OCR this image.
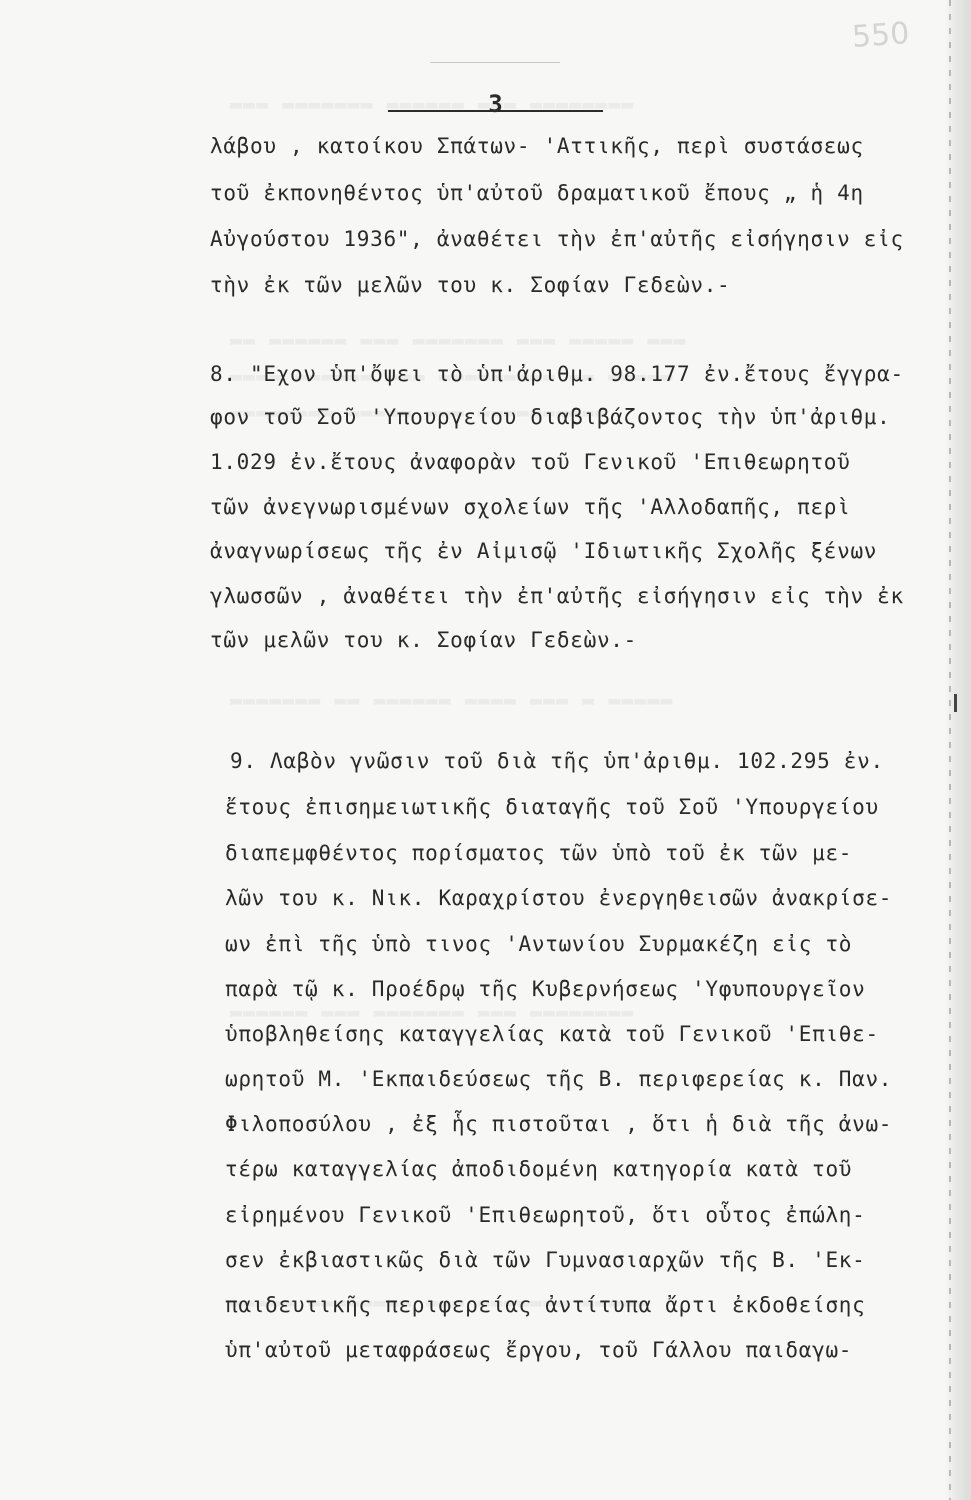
550
3
λάβου , κατοίκου Σπάτων- 'Αττικῆς, περὶ συστάσεως
τοῦ ἐκπονηθέντος ὑπ'αὐτοῦ δραματικοῦ ἔπους „ ἡ 4η
Αὐγούστου 1936", ἀναθέτει τὴν ἐπ'αὐτῆς εἰσήγησιν εἰς
τὴν ἐκ τῶν μελῶν του κ. Σοφίαν Γεδεὼν.-
8. "Εχον ὑπ'ὄψει τὸ ὑπ'ἀριθμ. 98.177 ἐν.ἔτους ἔγγρα-
φον τοῦ Σοῦ 'Υπουργείου διαβιβάζοντος τὴν ὑπ'ἀριθμ.
1.029 ἐν.ἔτους ἀναφορὰν τοῦ Γενικοῦ 'Επιθεωρητοῦ
τῶν ἀνεγνωρισμένων σχολείων τῆς 'Αλλοδαπῆς, περὶ
ἀναγνωρίσεως τῆς ἐν Αἰμισῷ 'Ιδιωτικῆς Σχολῆς ξένων
γλωσσῶν , ἀναθέτει τὴν ἐπ'αὐτῆς εἰσήγησιν εἰς τὴν ἐκ
τῶν μελῶν του κ. Σοφίαν Γεδεὼν.-
9. Λαβὸν γνῶσιν τοῦ διὰ τῆς ὑπ'ἀριθμ. 102.295 ἐν.
ἔτους ἐπισημειωτικῆς διαταγῆς τοῦ Σοῦ 'Υπουργείου
διαπεμφθέντος πορίσματος τῶν ὑπὸ τοῦ ἐκ τῶν με-
λῶν του κ. Νικ. Καραχρίστου ἐνεργηθεισῶν ἀνακρίσε-
ων ἐπὶ τῆς ὑπὸ τινος 'Αντωνίου Συρμακέζη εἰς τὸ
παρὰ τῷ κ. Προέδρῳ τῆς Κυβερνήσεως 'Υφυπουργεῖον
ὑποβληθείσης καταγγελίας κατὰ τοῦ Γενικοῦ 'Επιθε-
ωρητοῦ Μ. 'Εκπαιδεύσεως τῆς Β. περιφερείας κ. Παν.
Φιλοποσύλου , ἐξ ἧς πιστοῦται , ὅτι ἡ διὰ τῆς ἀνω-
τέρω καταγγελίας ἀποδιδομένη κατηγορία κατὰ τοῦ
εἰρημένου Γενικοῦ 'Επιθεωρητοῦ, ὅτι οὗτος ἐπώλη-
σεν ἐκβιαστικῶς διὰ τῶν Γυμνασιαρχῶν τῆς Β. 'Εκ-
παιδευτικῆς περιφερείας ἀντίτυπα ἄρτι ἐκδοθείσης
ὑπ'αὐτοῦ μεταφράσεως ἔργου, τοῦ Γάλλου παιδαγω-
